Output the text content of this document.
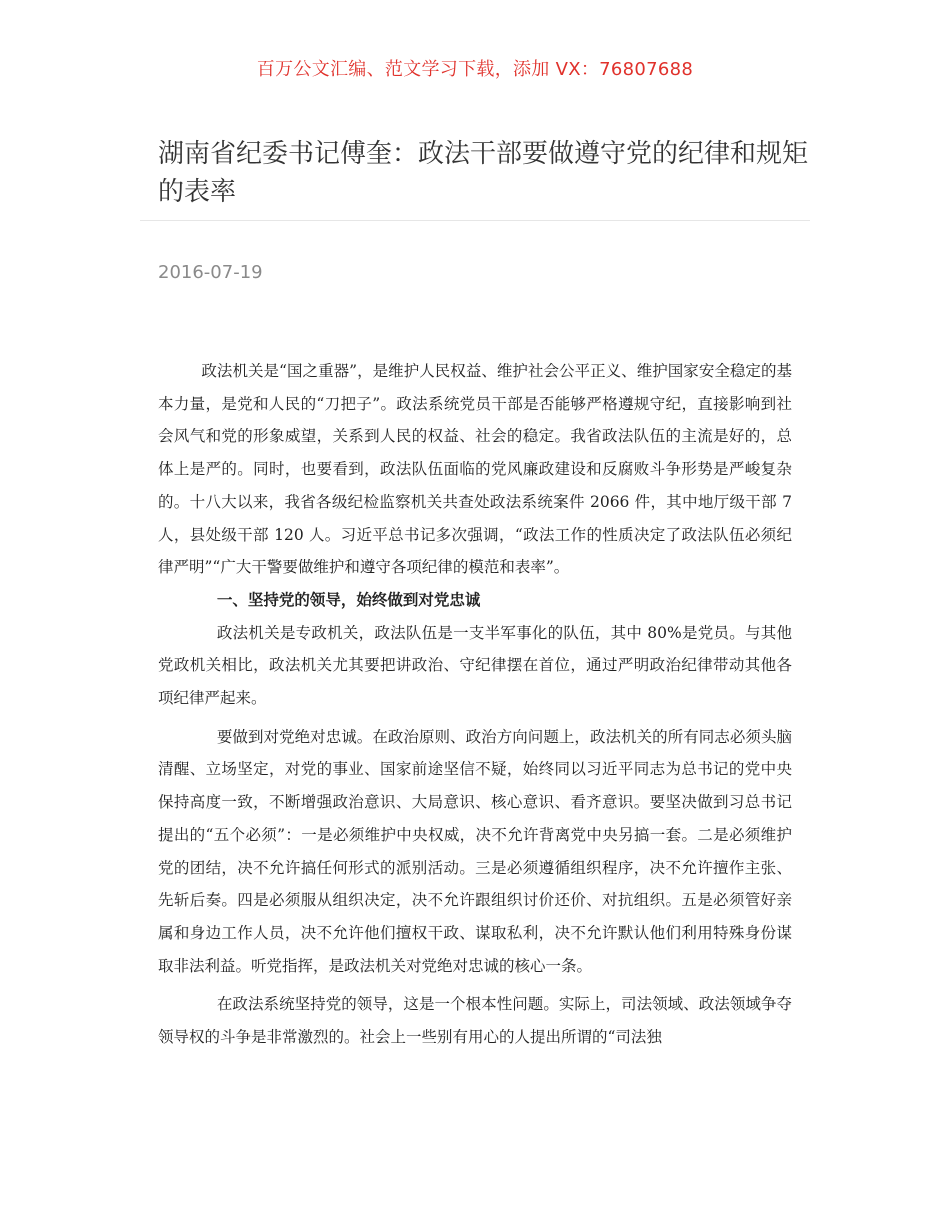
百万公文汇编、范文学习下载，添加 VX：76807688
湖南省纪委书记傅奎：政法干部要做遵守党的纪律和规矩的表率
2016-07-19

政法机关是“国之重器”，是维护人民权益、维护社会公平正义、维护国家安全稳定的基本力量，是党和人民的“刀把子”。政法系统党员干部是否能够严格遵规守纪，直接影响到社会风气和党的形象威望，关系到人民的权益、社会的稳定。我省政法队伍的主流是好的，总体上是严的。同时，也要看到，政法队伍面临的党风廉政建设和反腐败斗争形势是严峻复杂的。十八大以来，我省各级纪检监察机关共查处政法系统案件 2066 件，其中地厅级干部 7 人，县处级干部 120 人。习近平总书记多次强调，“政法工作的性质决定了政法队伍必须纪律严明”“广大干警要做维护和遵守各项纪律的模范和表率”。

一、坚持党的领导，始终做到对党忠诚

政法机关是专政机关，政法队伍是一支半军事化的队伍，其中 80%是党员。与其他党政机关相比，政法机关尤其要把讲政治、守纪律摆在首位，通过严明政治纪律带动其他各项纪律严起来。

要做到对党绝对忠诚。在政治原则、政治方向问题上，政法机关的所有同志必须头脑清醒、立场坚定，对党的事业、国家前途坚信不疑，始终同以习近平同志为总书记的党中央保持高度一致，不断增强政治意识、大局意识、核心意识、看齐意识。要坚决做到习总书记提出的“五个必须”：一是必须维护中央权威，决不允许背离党中央另搞一套。二是必须维护党的团结，决不允许搞任何形式的派别活动。三是必须遵循组织程序，决不允许擅作主张、先斩后奏。四是必须服从组织决定，决不允许跟组织讨价还价、对抗组织。五是必须管好亲属和身边工作人员，决不允许他们擅权干政、谋取私利，决不允许默认他们利用特殊身份谋取非法利益。听党指挥，是政法机关对党绝对忠诚的核心一条。

在政法系统坚持党的领导，这是一个根本性问题。实际上，司法领域、政法领域争夺领导权的斗争是非常激烈的。社会上一些别有用心的人提出所谓的“司法独
